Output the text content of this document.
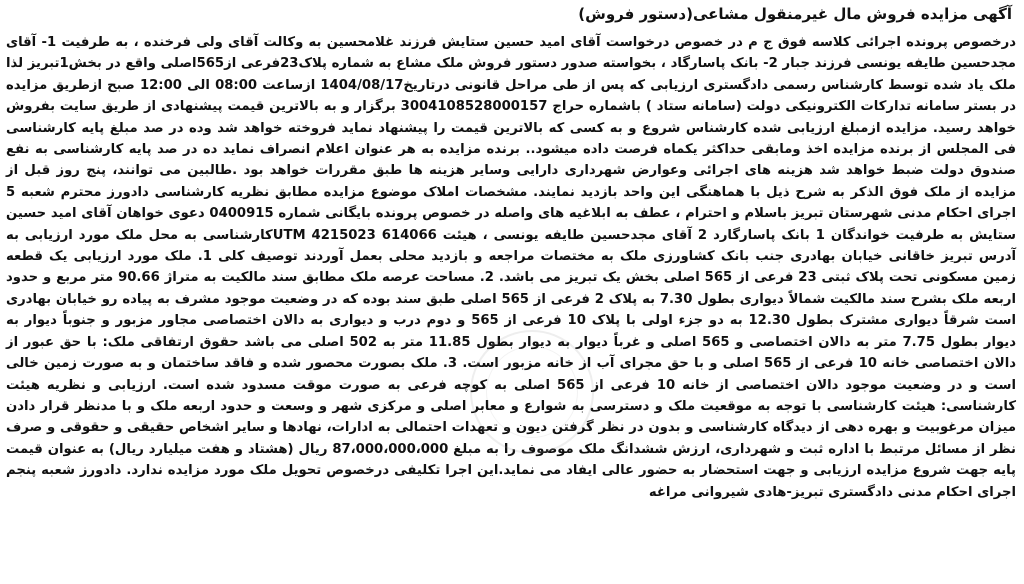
آگهی مزایده فروش مال غیرمنقول مشاعی(دستور فروش)

درخصوص پرونده اجرائی کلاسه فوق ج م در خصوص درخواست آقای امید حسین ستایش فرزند غلامحسین به وکالت آقای ولی فرخنده ، به طرفیت 1- آقای مجدحسین طایفه یونسی فرزند جبار 2- بانک پاسارگاد ، بخواسته صدور دستور فروش ملک مشاع به شماره پلاک23فرعی از565اصلی واقع در بخش1تبریز لذا ملک یاد شده توسط کارشناس رسمی دادگستری ارزیابی که پس از طی مراحل قانونی درتاریخ1404/08/17 ازساعت 08:00 الی 12:00 صبح ازطریق مزایده در بستر سامانه تدارکات الکترونیکی دولت (سامانه ستاد ) باشماره حراج 3004108528000157 برگزار و به بالاترین قیمت پیشنهادی از طریق سایت بفروش خواهد رسید. مزایده ازمبلغ ارزیابی شده کارشناس شروع و به کسی که بالاترین قیمت را پیشنهاد نماید فروخته خواهد شد وده در صد مبلغ پایه کارشناسی فی المجلس از برنده مزایده اخذ ومابقی حداکثر یکماه فرصت داده میشود.. برنده مزایده به هر عنوان اعلام انصراف نماید ده در صد پایه کارشناسی به نفع صندوق دولت ضبط خواهد شد هزینه های اجرائی وعوارض شهرداری دارایی وسایر هزینه ها طبق مقررات خواهد بود .طالبین می توانند، پنج روز قبل از مزایده از ملک فوق الذکر به شرح ذیل با هماهنگی این واحد بازدید نمایند. مشخصات املاک موضوع مزایده مطابق نظریه کارشناسی دادورز محترم شعبه 5 اجرای احکام مدنی شهرستان تبریز باسلام و احترام ، عطف به ابلاغیه های واصله در خصوص پرونده بایگانی شماره 0400915 دعوی خواهان آقای امید حسین ستایش به طرفیت خواندگان 1 بانک پاسارگارد 2 آقای مجدحسین طایفه یونسی ، هیئت 614066 4215023 UTMکارشناسی به محل ملک مورد ارزیابی به آدرس تبریز خاقانی خیابان بهادری جنب بانک کشاورزی ملک به مختصات مراجعه و بازدید محلی بعمل آوردند توصیف کلی 1. ملک مورد ارزیابی یک قطعه زمین مسکونی تحت پلاک ثبتی 23 فرعی از 565 اصلی بخش یک تبریز می باشد. 2. مساحت عرصه ملک مطابق سند مالکیت به متراژ 90.66 متر مربع و حدود اربعه ملک بشرح سند مالکیت شمالاً دیواری بطول 7.30 به پلاک 2 فرعی از 565 اصلی طبق سند بوده که در وضعیت موجود مشرف به پیاده رو خیابان بهادری است شرقاً دیواری مشترک بطول 12.30 به دو جزء اولی با پلاک 10 فرعی از 565 و دوم درب و دیواری به دالان اختصاصی مجاور مزبور و جنوباً دیوار به دیوار بطول 7.75 متر به دالان اختصاصی و 565 اصلی و غرباً دیوار به دیوار بطول 11.85 متر به 502 اصلی می باشد حقوق ارتفاقی ملک: با حق عبور از دالان اختصاصی خانه 10 فرعی از 565 اصلی و با حق مجرای آب از خانه مزبور است. 3. ملک بصورت محصور شده و فاقد ساختمان و به صورت زمین خالی است و در وضعیت موجود دالان اختصاصی از خانه 10 فرعی از 565 اصلی به کوچه فرعی به صورت موقت مسدود شده است. ارزیابی و نظریه هیئت کارشناسی: هیئت کارشناسی با توجه به موقعیت ملک و دسترسی به شوارع و معابر اصلی و مرکزی شهر و وسعت و حدود اربعه ملک و با مدنظر قرار دادن میزان مرغوبیت و بهره دهی از دیدگاه کارشناسی و بدون در نظر گرفتن دیون و تعهدات احتمالی به ادارات، نهادها و سایر اشخاص حقیقی و حقوقی و صرف نظر از مسائل مرتبط با اداره ثبت و شهرداری، ارزش ششدانگ ملک موصوف را به مبلغ 87،000،000،000 ریال (هشتاد و هفت میلیارد ریال) به عنوان قیمت پایه جهت شروع مزایده ارزیابی و جهت استحضار به حضور عالی ایفاد می نماید.این اجرا تکلیفی درخصوص تحویل ملک مورد مزایده ندارد. دادورز شعبه پنجم اجرای احکام مدنی دادگستری تبریز-هادی شیروانی مراغه
